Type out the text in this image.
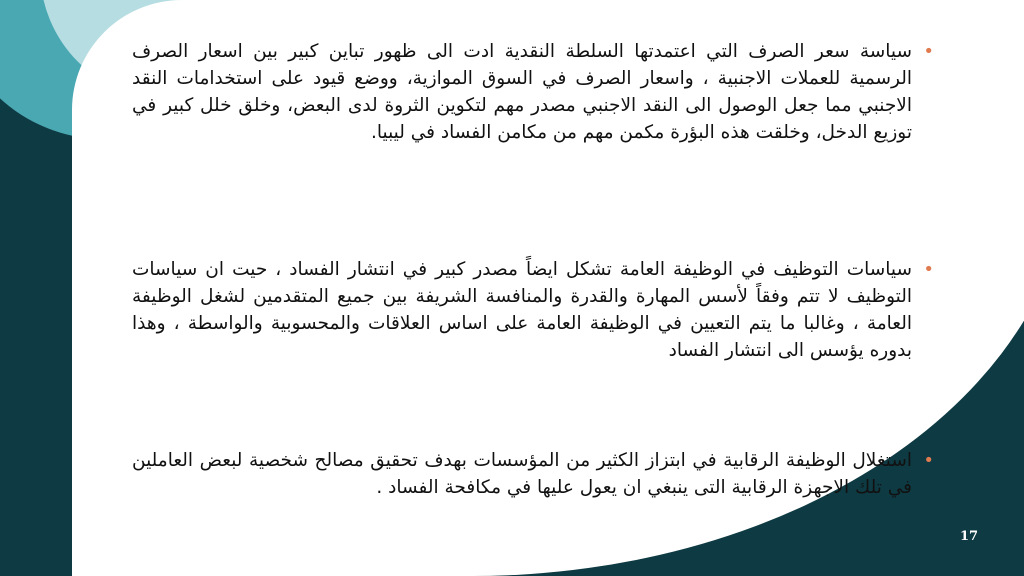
•

سياسة سعر الصرف التي اعتمدتها السلطة النقدية ادت الى ظهور تباين كبير بين اسعار الصرف الرسمية للعملات الاجنبية ، واسعار الصرف في السوق الموازية، ووضع قيود على استخدامات النقد الاجنبي مما جعل الوصول الى النقد الاجنبي مصدر مهم لتكوين الثروة لدى البعض، وخلق خلل كبير في توزيع الدخل، وخلقت هذه البؤرة مكمن مهم من مكامن الفساد في ليبيا.

•

سياسات التوظيف في الوظيفة العامة تشكل ايضاً مصدر كبير في انتشار الفساد ، حيت ان سياسات التوظيف لا تتم وفقاً لأسس المهارة والقدرة والمنافسة الشريفة بين جميع المتقدمين لشغل الوظيفة العامة ، وغالبا ما يتم التعيين في الوظيفة العامة على اساس العلاقات والمحسوبية والواسطة ، وهذا بدوره يؤسس الى انتشار الفساد

•

استغلال الوظيفة الرقابية في ابتزاز الكثير من المؤسسات بهدف تحقيق مصالح شخصية لبعض العاملين في تلك الاجهزة الرقابية التى ينبغي ان يعول عليها في مكافحة الفساد .

17
